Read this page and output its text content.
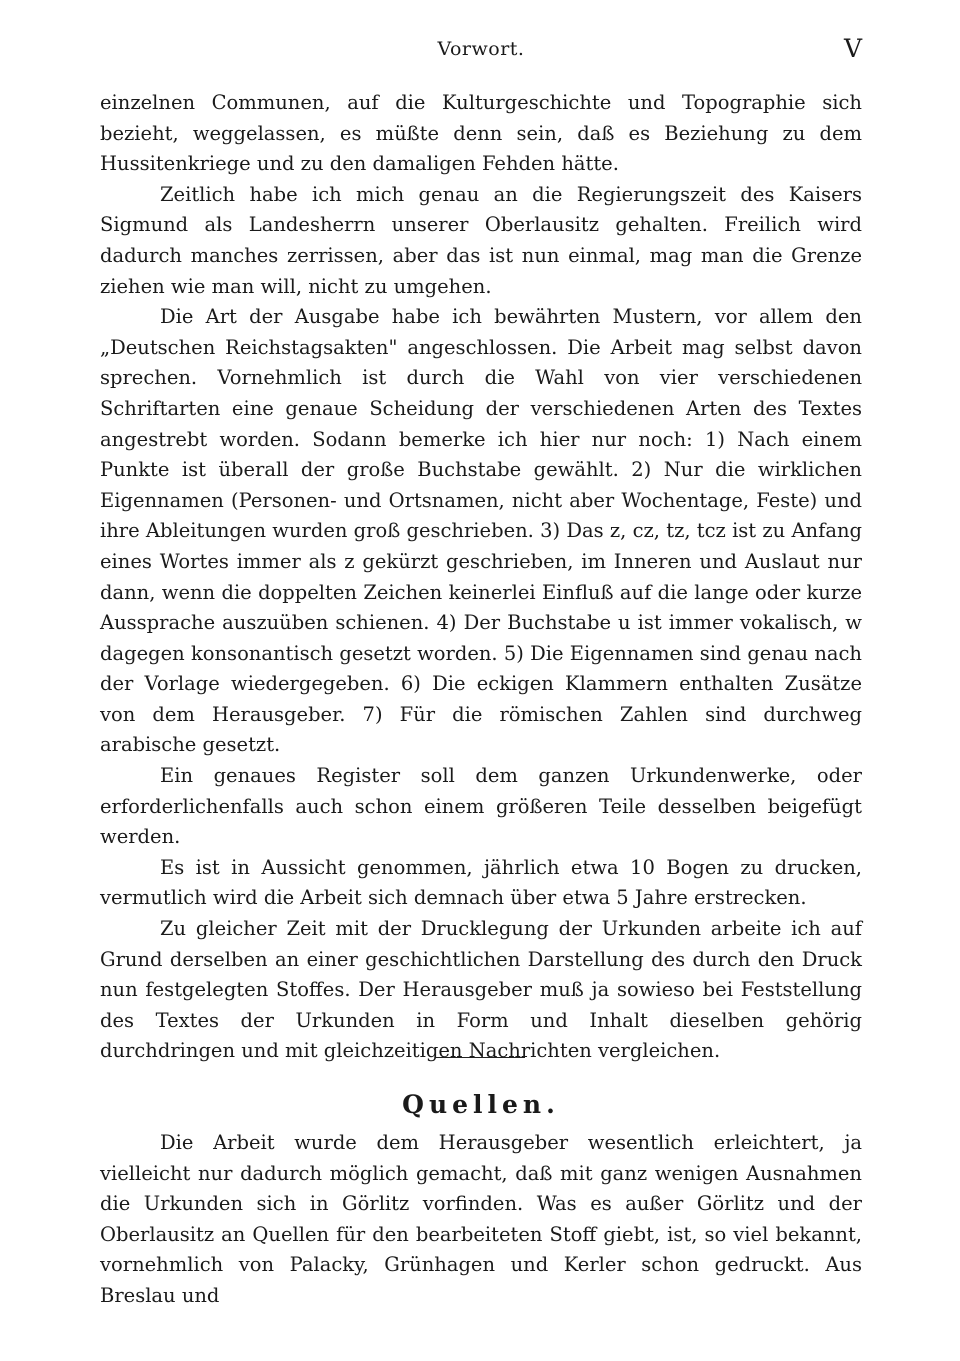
Vorwort.	V

einzelnen Communen, auf die Kulturgeschichte und Topographie sich bezieht, weggelassen, es müßte denn sein, daß es Beziehung zu dem Hussitenkriege und zu den damaligen Fehden hätte.

Zeitlich habe ich mich genau an die Regierungszeit des Kaisers Sigmund als Landesherrn unserer Oberlausitz gehalten. Freilich wird dadurch manches zerrissen, aber das ist nun einmal, mag man die Grenze ziehen wie man will, nicht zu umgehen.

Die Art der Ausgabe habe ich bewährten Mustern, vor allem den „Deutschen Reichstagsakten" angeschlossen. Die Arbeit mag selbst davon sprechen. Vornehmlich ist durch die Wahl von vier verschiedenen Schriftarten eine genaue Scheidung der verschiedenen Arten des Textes angestrebt worden. Sodann bemerke ich hier nur noch: 1) Nach einem Punkte ist überall der große Buchstabe gewählt. 2) Nur die wirklichen Eigennamen (Personen- und Ortsnamen, nicht aber Wochentage, Feste) und ihre Ableitungen wurden groß geschrieben. 3) Das z, cz, tz, tcz ist zu Anfang eines Wortes immer als z gekürzt geschrieben, im Inneren und Auslaut nur dann, wenn die doppelten Zeichen keinerlei Einfluß auf die lange oder kurze Aussprache auszuüben schienen. 4) Der Buchstabe u ist immer vokalisch, w dagegen konsonantisch gesetzt worden. 5) Die Eigennamen sind genau nach der Vorlage wiedergegeben. 6) Die eckigen Klammern enthalten Zusätze von dem Herausgeber. 7) Für die römischen Zahlen sind durchweg arabische gesetzt.

Ein genaues Register soll dem ganzen Urkundenwerke, oder erforderlichenfalls auch schon einem größeren Teile desselben beigefügt werden.

Es ist in Aussicht genommen, jährlich etwa 10 Bogen zu drucken, vermutlich wird die Arbeit sich demnach über etwa 5 Jahre erstrecken.

Zu gleicher Zeit mit der Drucklegung der Urkunden arbeite ich auf Grund derselben an einer geschichtlichen Darstellung des durch den Druck nun festgelegten Stoffes. Der Herausgeber muß ja sowieso bei Feststellung des Textes der Urkunden in Form und Inhalt dieselben gehörig durchdringen und mit gleichzeitigen Nachrichten vergleichen.

Quellen.

Die Arbeit wurde dem Herausgeber wesentlich erleichtert, ja vielleicht nur dadurch möglich gemacht, daß mit ganz wenigen Ausnahmen die Urkunden sich in Görlitz vorfinden. Was es außer Görlitz und der Oberlausitz an Quellen für den bearbeiteten Stoff giebt, ist, so viel bekannt, vornehmlich von Palacky, Grünhagen und Kerler schon gedruckt. Aus Breslau und
